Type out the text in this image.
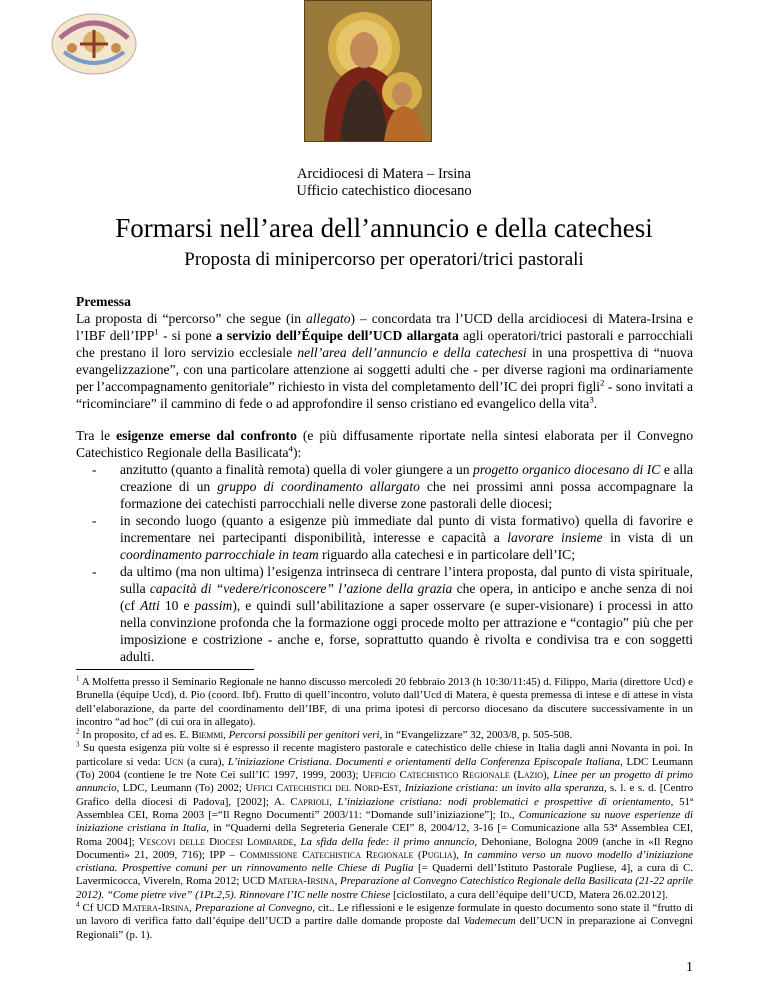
Arcidiocesi di Matera – Irsina
Ufficio catechistico diocesano
Formarsi nell’area dell’annuncio e della catechesi
Proposta di minipercorso per operatori/trici pastorali

Premessa

La proposta di “percorso” che segue (in allegato) – concordata tra l’UCD della arcidiocesi di Matera-Irsina e l’IBF dell’IPP$^1$ - si pone a servizio dell’Équipe dell’UCD allargata agli operatori/trici pastorali e parrocchiali che prestano il loro servizio ecclesiale nell’area dell’annuncio e della catechesi in una prospettiva di “nuova evangelizzazione”, con una particolare attenzione ai soggetti adulti che - per diverse ragioni ma ordinariamente per l’accompagnamento genitoriale” richiesto in vista del completamento dell’IC dei propri figli$^2$ - sono invitati a “ricominciare” il cammino di fede o ad approfondire il senso cristiano ed evangelico della vita$^3$.

Tra le esigenze emerse dal confronto (e più diffusamente riportate nella sintesi elaborata per il Convegno Catechistico Regionale della Basilicata$^4$):

- anzitutto (quanto a finalità remota) quella di voler giungere a un progetto organico diocesano di IC e alla creazione di un gruppo di coordinamento allargato che nei prossimi anni possa accompagnare la formazione dei catechisti parrocchiali nelle diverse zone pastorali delle diocesi;
- in secondo luogo (quanto a esigenze più immediate dal punto di vista formativo) quella di favorire e incrementare nei partecipanti disponibilità, interesse e capacità a lavorare insieme in vista di un coordinamento parrocchiale in team riguardo alla catechesi e in particolare dell’IC;
- da ultimo (ma non ultima) l’esigenza intrinseca di centrare l’intera proposta, dal punto di vista spirituale, sulla capacità di “vedere/riconoscere” l’azione della grazia che opera, in anticipo e anche senza di noi (cf Atti 10 e passim), e quindi sull’abilitazione a saper osservare (e super-visionare) i processi in atto nella convinzione profonda che la formazione oggi procede molto per attrazione e “contagio” più che per imposizione e costrizione - anche e, forse, soprattutto quando è rivolta e condivisa tra e con soggetti adulti.

$^1$ A Molfetta presso il Seminario Regionale ne hanno discusso mercoledì 20 febbraio 2013 (h 10:30/11:45) d. Filippo, Maria (direttore Ucd) e Brunella (équipe Ucd), d. Pio (coord. Ibf). Frutto di quell’incontro, voluto dall’Ucd di Matera, è questa premessa di intese e di attese in vista dell’elaborazione, da parte del coordinamento dell’IBF, di una prima ipotesi di percorso diocesano da discutere successivamente in un incontro “ad hoc” (di cui ora in allegato).

$^2$ In proposito, cf ad es. E. Biemmi, Percorsi possibili per genitori veri, in “Evangelizzare” 32, 2003/8, p. 505-508.

$^3$ Su questa esigenza più volte si è espresso il recente magistero pastorale e catechistico delle chiese in Italia dagli anni Novanta in poi. In particolare si veda: Ucn (a cura), L’iniziazione Cristiana. Documenti e orientamenti della Conferenza Episcopale Italiana, LDC Leumann (To) 2004 (contiene le tre Note Cei sull’IC 1997, 1999, 2003); Ufficio Catechistico Regionale (Lazio), Linee per un progetto di primo annuncio, LDC, Leumann (To) 2002; Uffici Catechistici del Nord-Est, Iniziazione cristiana: un invito alla speranza, s. l. e s. d. [Centro Grafico della diocesi di Padova], [2002]; A. Caprioli, L’iniziazione cristiana: nodi problematici e prospettive di orientamento, 51ª Assemblea CEI, Roma 2003 [=“Il Regno Documenti” 2003/11: “Domande sull’iniziazione”]; Id., Comunicazione su nuove esperienze di iniziazione cristiana in Italia, in “Quaderni della Segreteria Generale CEI” 8, 2004/12, 3-16 [= Comunicazione alla 53ª Assemblea CEI, Roma 2004]; Vescovi delle Diocesi Lombarde, La sfida della fede: il primo annuncio, Dehoniane, Bologna 2009 (anche in «Il Regno Documenti» 21, 2009, 716); IPP – Commissione Catechistica Regionale (Puglia), In cammino verso un nuovo modello d’iniziazione cristiana. Prospettive comuni per un rinnovamento nelle Chiese di Puglia [= Quaderni dell’Istituto Pastorale Pugliese, 4], a cura di C. Lavermicocca, Vivereln, Roma 2012; UCD Matera-Irsina, Preparazione al Convegno Catechistico Regionale della Basilicata (21-22 aprile 2012). “Come pietre vive” (1Pt.2,5). Rinnovare l’IC nelle nostre Chiese [ciclostilato, a cura dell’équipe dell’UCD, Matera 26.02.2012].

$^4$ Cf UCD Matera-Irsina, Preparazione al Convegno, cit.. Le riflessioni e le esigenze formulate in questo documento sono state il “frutto di un lavoro di verifica fatto dall’équipe dell’UCD a partire dalle domande proposte dal Vademecum dell’UCN in preparazione ai Convegni Regionali” (p. 1).

1
